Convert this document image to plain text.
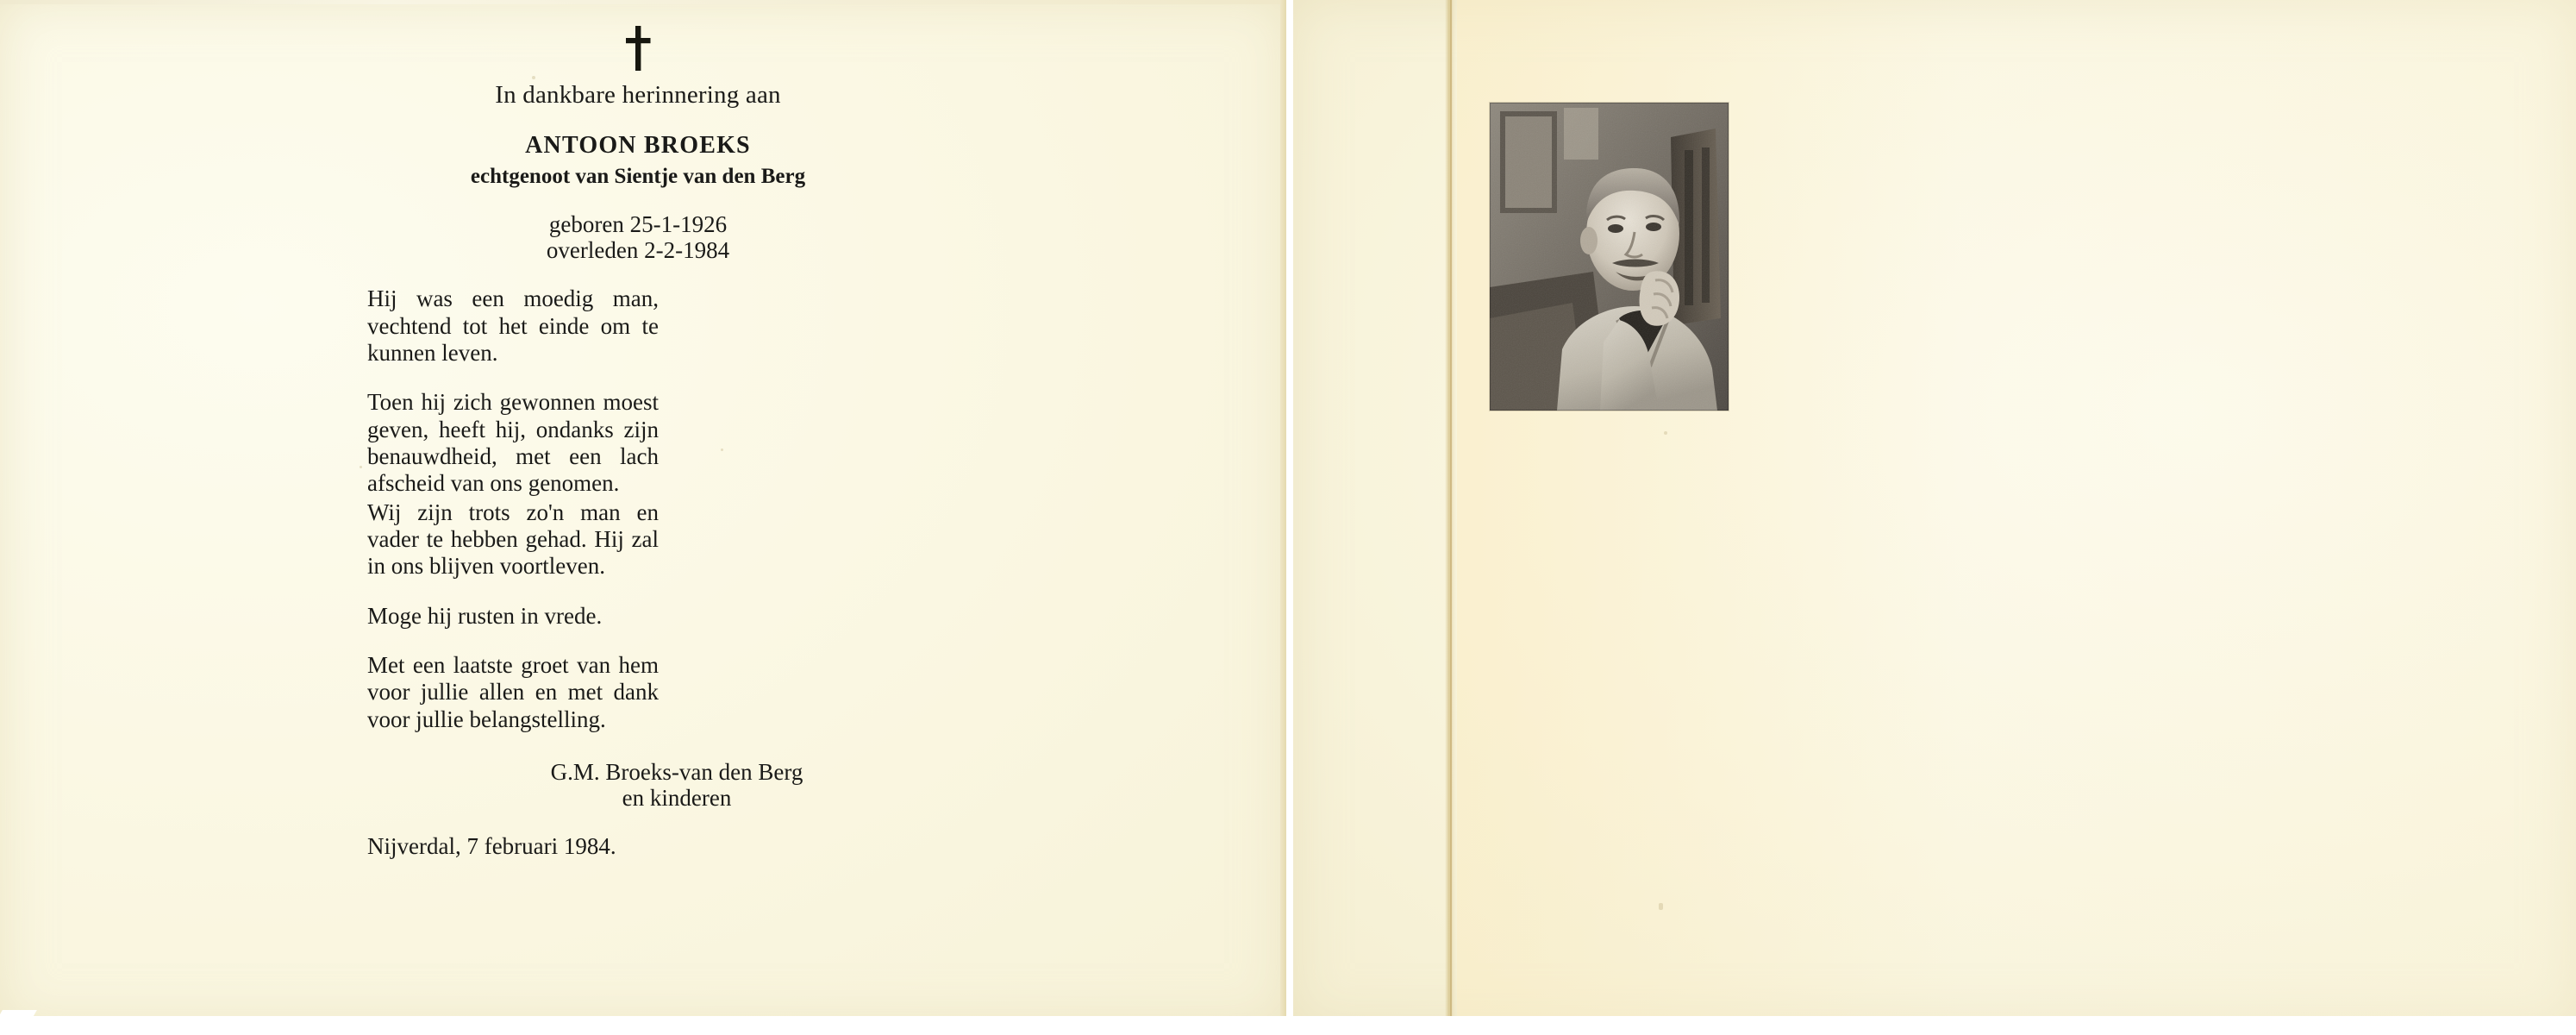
In dankbare herinnering aan
ANTOON BROEKS
echtgenoot van Sientje van den Berg
geboren 25-1-1926
overleden 2-2-1984
Hij was een moedig man, vechtend tot het einde om te kunnen leven.
Toen hij zich gewonnen moest geven, heeft hij, ondanks zijn benauwdheid, met een lach afscheid van ons genomen.
Wij zijn trots zo'n man en vader te hebben gehad. Hij zal in ons blijven voortleven.
Moge hij rusten in vrede.
Met een laatste groet van hem voor jullie allen en met dank voor jullie belangstelling.
G.M. Broeks-van den Berg
en kinderen
Nijverdal, 7 februari 1984.
